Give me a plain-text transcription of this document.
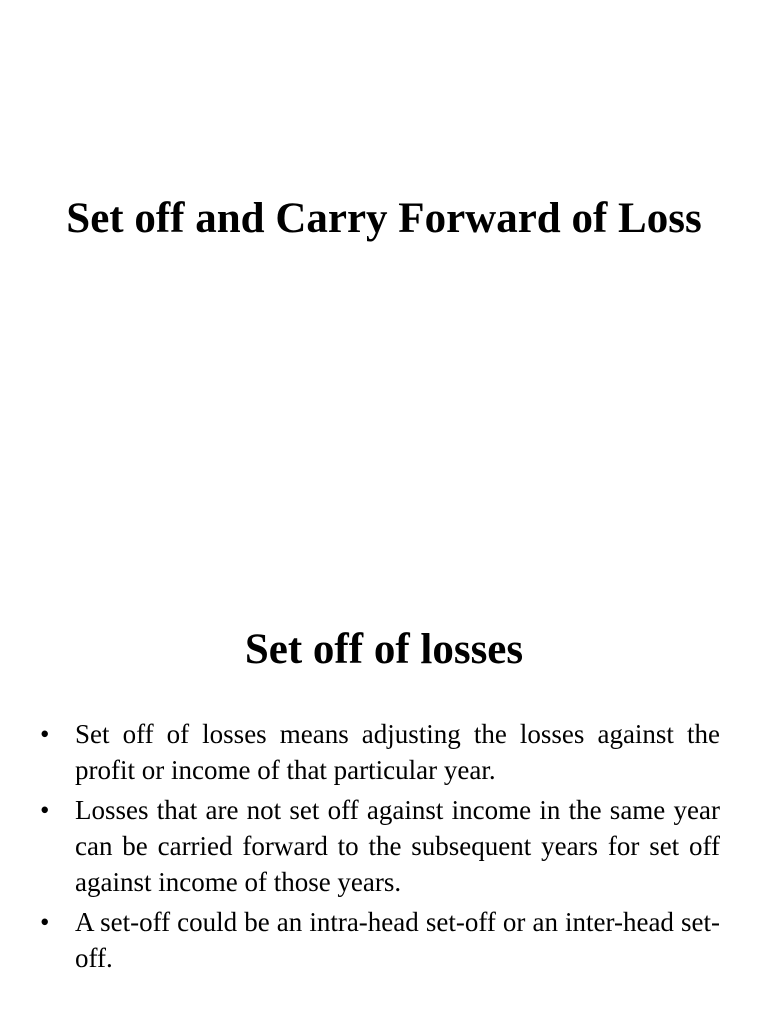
Set off and Carry Forward of Loss
Set off of losses
• Set off of losses means adjusting the losses against the profit or income of that particular year.
• Losses that are not set off against income in the same year can be carried forward to the subsequent years for set off against income of those years.
• A set-off could be an intra-head set-off or an inter-head set-off.
